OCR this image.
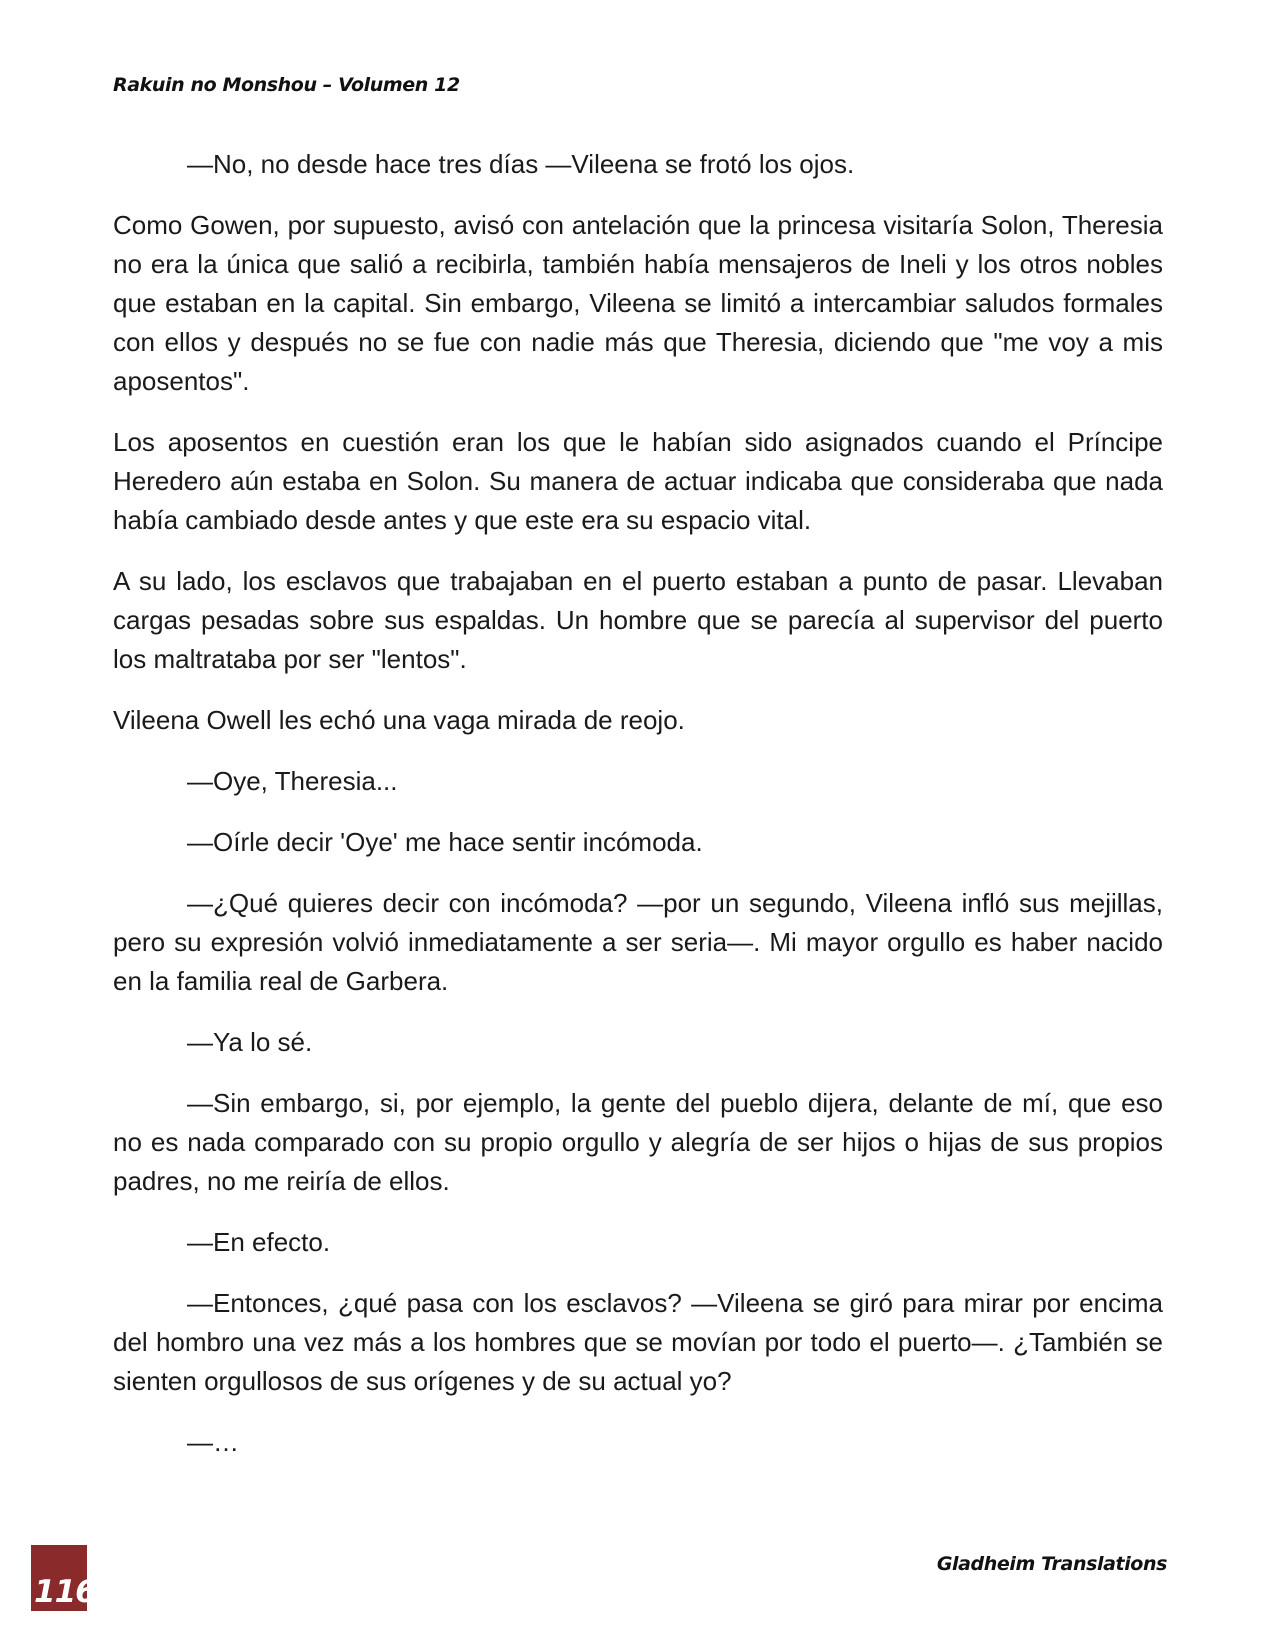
Rakuin no Monshou – Volumen 12

—No, no desde hace tres días —Vileena se frotó los ojos.

Como Gowen, por supuesto, avisó con antelación que la princesa visitaría Solon, Theresia no era la única que salió a recibirla, también había mensajeros de Ineli y los otros nobles que estaban en la capital. Sin embargo, Vileena se limitó a intercambiar saludos formales con ellos y después no se fue con nadie más que Theresia, diciendo que "me voy a mis aposentos".

Los aposentos en cuestión eran los que le habían sido asignados cuando el Príncipe Heredero aún estaba en Solon. Su manera de actuar indicaba que consideraba que nada había cambiado desde antes y que este era su espacio vital.

A su lado, los esclavos que trabajaban en el puerto estaban a punto de pasar. Llevaban cargas pesadas sobre sus espaldas. Un hombre que se parecía al supervisor del puerto los maltrataba por ser "lentos".

Vileena Owell les echó una vaga mirada de reojo.

—Oye, Theresia...

—Oírle decir 'Oye' me hace sentir incómoda.

—¿Qué quieres decir con incómoda? —por un segundo, Vileena infló sus mejillas, pero su expresión volvió inmediatamente a ser seria—. Mi mayor orgullo es haber nacido en la familia real de Garbera.

—Ya lo sé.

—Sin embargo, si, por ejemplo, la gente del pueblo dijera, delante de mí, que eso no es nada comparado con su propio orgullo y alegría de ser hijos o hijas de sus propios padres, no me reiría de ellos.

—En efecto.

—Entonces, ¿qué pasa con los esclavos? —Vileena se giró para mirar por encima del hombro una vez más a los hombres que se movían por todo el puerto—. ¿También se sienten orgullosos de sus orígenes y de su actual yo?

—…

116
Gladheim Translations
